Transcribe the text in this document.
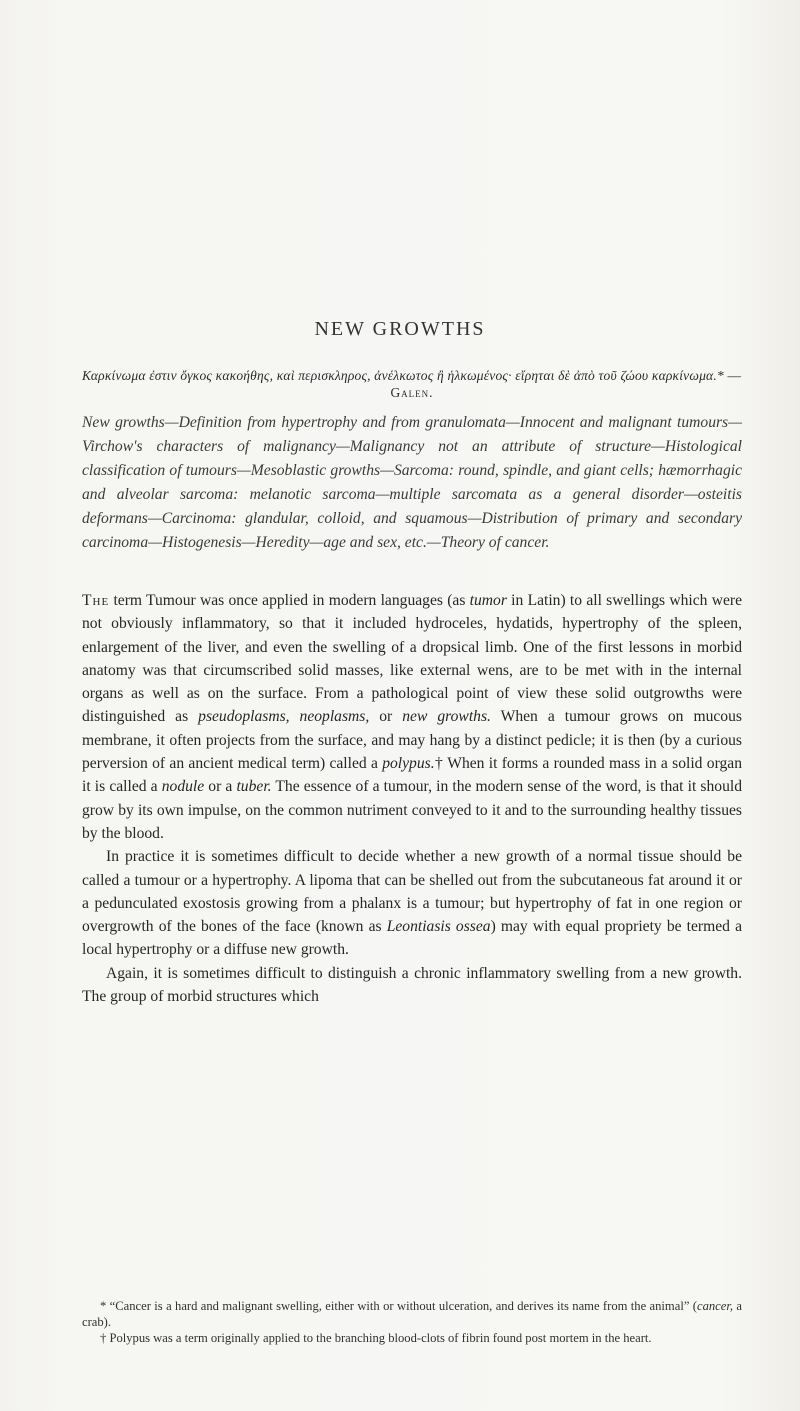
NEW GROWTHS
Καρκίνωμα ἐστιν ὄγκος κακοήθης, καὶ περισκληρος, ἀνέλκωτος ἢ ἡλκωμένος· εἴρηται δὲ ἀπὸ τοῦ ζώου καρκίνωμα.* —Galen.
New growths—Definition from hypertrophy and from granulomata—Innocent and malignant tumours—Virchow's characters of malignancy—Malignancy not an attribute of structure—Histological classification of tumours—Mesoblastic growths—Sarcoma: round, spindle, and giant cells; hæmorrhagic and alveolar sarcoma: melanotic sarcoma—multiple sarcomata as a general disorder—osteitis deformans—Carcinoma: glandular, colloid, and squamous—Distribution of primary and secondary carcinoma—Histogenesis—Heredity—age and sex, etc.—Theory of cancer.

The term Tumour was once applied in modern languages (as tumor in Latin) to all swellings which were not obviously inflammatory, so that it included hydroceles, hydatids, hypertrophy of the spleen, enlargement of the liver, and even the swelling of a dropsical limb. One of the first lessons in morbid anatomy was that circumscribed solid masses, like external wens, are to be met with in the internal organs as well as on the surface. From a pathological point of view these solid outgrowths were distinguished as pseudoplasms, neoplasms, or new growths. When a tumour grows on mucous membrane, it often projects from the surface, and may hang by a distinct pedicle; it is then (by a curious perversion of an ancient medical term) called a polypus.† When it forms a rounded mass in a solid organ it is called a nodule or a tuber. The essence of a tumour, in the modern sense of the word, is that it should grow by its own impulse, on the common nutriment conveyed to it and to the surrounding healthy tissues by the blood.

In practice it is sometimes difficult to decide whether a new growth of a normal tissue should be called a tumour or a hypertrophy. A lipoma that can be shelled out from the subcutaneous fat around it or a pedunculated exostosis growing from a phalanx is a tumour; but hypertrophy of fat in one region or overgrowth of the bones of the face (known as Leontiasis ossea) may with equal propriety be termed a local hypertrophy or a diffuse new growth.

Again, it is sometimes difficult to distinguish a chronic inflammatory swelling from a new growth. The group of morbid structures which

* “Cancer is a hard and malignant swelling, either with or without ulceration, and derives its name from the animal” (cancer, a crab).

† Polypus was a term originally applied to the branching blood-clots of fibrin found post mortem in the heart.
